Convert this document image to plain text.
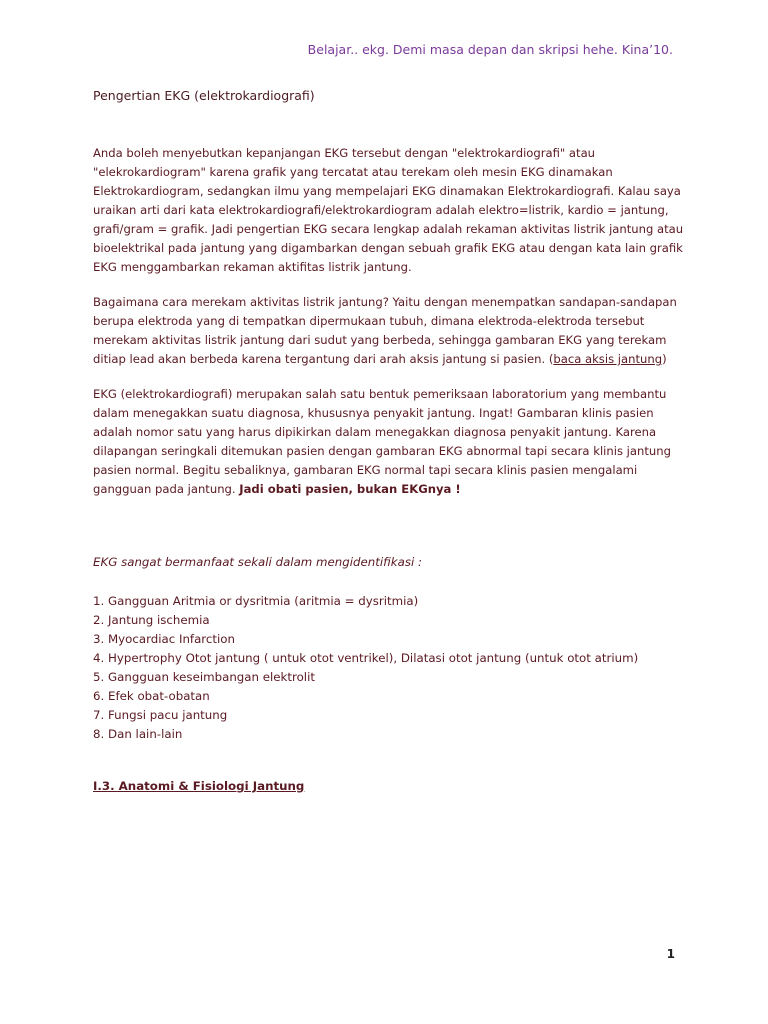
Belajar.. ekg. Demi masa depan dan skripsi hehe. Kina’10.
Pengertian EKG (elektrokardiografi)

Anda boleh menyebutkan kepanjangan EKG tersebut dengan "elektrokardiografi" atau "elekrokardiogram" karena grafik yang tercatat atau terekam oleh mesin EKG dinamakan Elektrokardiogram, sedangkan ilmu yang mempelajari EKG dinamakan Elektrokardiografi. Kalau saya uraikan arti dari kata elektrokardiografi/elektrokardiogram adalah elektro=listrik, kardio = jantung, grafi/gram = grafik. Jadi pengertian EKG secara lengkap adalah rekaman aktivitas listrik jantung atau bioelektrikal pada jantung yang digambarkan dengan sebuah grafik EKG atau dengan kata lain grafik EKG menggambarkan rekaman aktifitas listrik jantung.

Bagaimana cara merekam aktivitas listrik jantung? Yaitu dengan menempatkan sandapan-sandapan berupa elektroda yang di tempatkan dipermukaan tubuh, dimana elektroda-elektroda tersebut merekam aktivitas listrik jantung dari sudut yang berbeda, sehingga gambaran EKG yang terekam ditiap lead akan berbeda karena tergantung dari arah aksis jantung si pasien. (baca aksis jantung)

EKG (elektrokardiografi) merupakan salah satu bentuk pemeriksaan laboratorium yang membantu dalam menegakkan suatu diagnosa, khususnya penyakit jantung. Ingat! Gambaran klinis pasien adalah nomor satu yang harus dipikirkan dalam menegakkan diagnosa penyakit jantung. Karena dilapangan seringkali ditemukan pasien dengan gambaran EKG abnormal tapi secara klinis jantung pasien normal. Begitu sebaliknya, gambaran EKG normal tapi secara klinis pasien mengalami gangguan pada jantung. Jadi obati pasien, bukan EKGnya !

EKG sangat bermanfaat sekali dalam mengidentifikasi :
1. Gangguan Aritmia or dysritmia (aritmia = dysritmia)
2. Jantung ischemia
3. Myocardiac Infarction
4. Hypertrophy Otot jantung ( untuk otot ventrikel), Dilatasi otot jantung (untuk otot atrium)
5. Gangguan keseimbangan elektrolit
6. Efek obat-obatan
7. Fungsi pacu jantung
8. Dan lain-lain
I.3. Anatomi & Fisiologi Jantung
1
